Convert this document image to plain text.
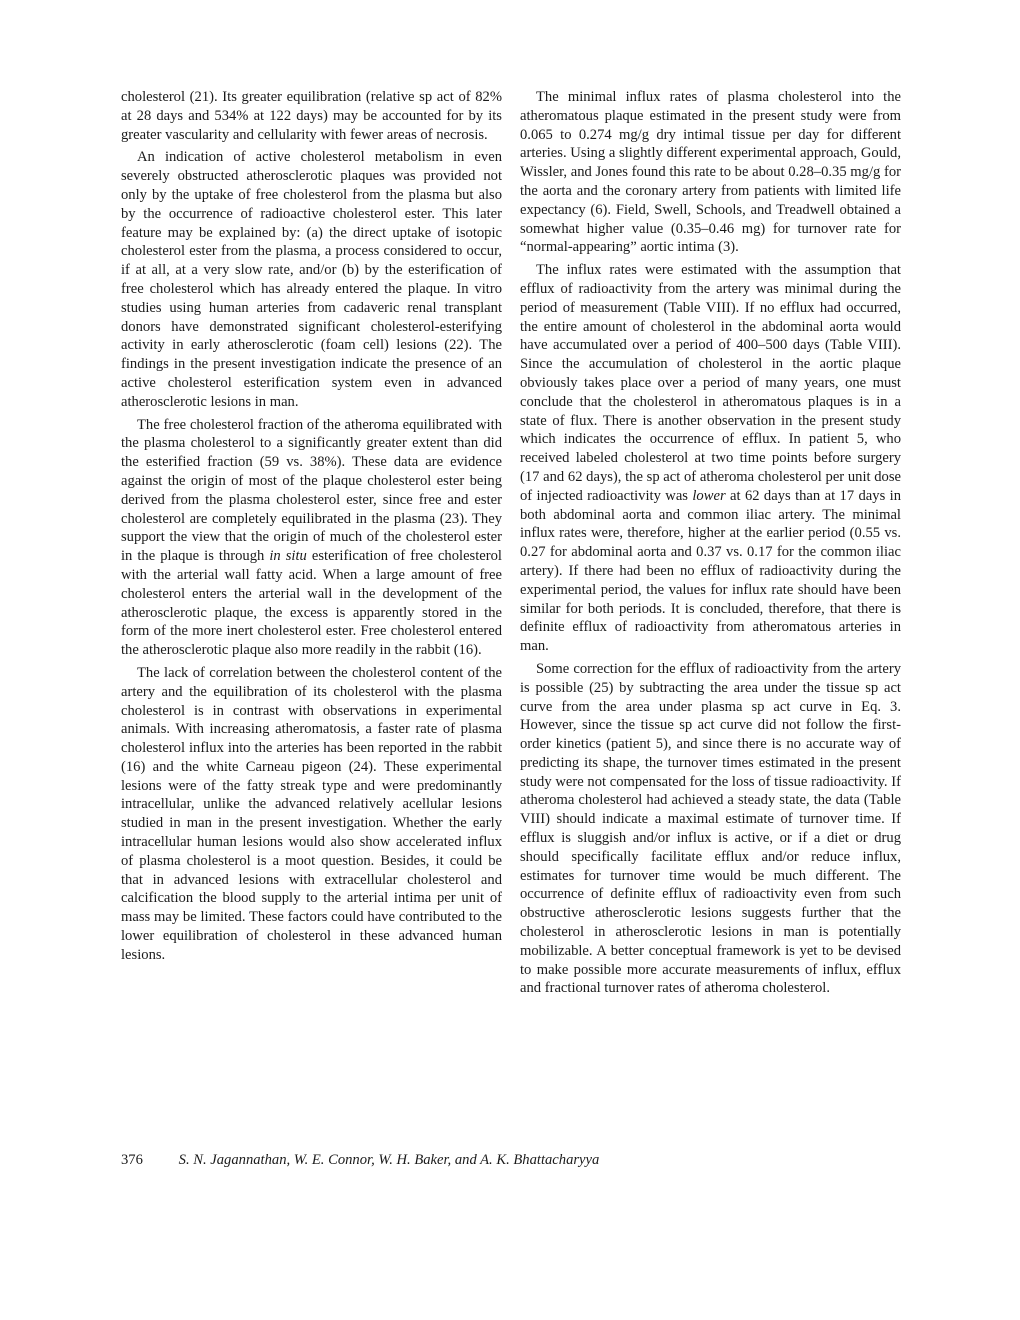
cholesterol (21). Its greater equilibration (relative sp act of 82% at 28 days and 534% at 122 days) may be accounted for by its greater vascularity and cellularity with fewer areas of necrosis.

An indication of active cholesterol metabolism in even severely obstructed atherosclerotic plaques was provided not only by the uptake of free cholesterol from the plasma but also by the occurrence of radioactive cholesterol ester. This later feature may be explained by: (a) the direct uptake of isotopic cholesterol ester from the plasma, a process considered to occur, if at all, at a very slow rate, and/or (b) by the esterification of free cholesterol which has already entered the plaque. In vitro studies using human arteries from cadaveric renal transplant donors have demonstrated significant cholesterol-esterifying activity in early atherosclerotic (foam cell) lesions (22). The findings in the present investigation indicate the presence of an active cholesterol esterification system even in advanced atherosclerotic lesions in man.

The free cholesterol fraction of the atheroma equilibrated with the plasma cholesterol to a significantly greater extent than did the esterified fraction (59 vs. 38%). These data are evidence against the origin of most of the plaque cholesterol ester being derived from the plasma cholesterol ester, since free and ester cholesterol are completely equilibrated in the plasma (23). They support the view that the origin of much of the cholesterol ester in the plaque is through in situ esterification of free cholesterol with the arterial wall fatty acid. When a large amount of free cholesterol enters the arterial wall in the development of the atherosclerotic plaque, the excess is apparently stored in the form of the more inert cholesterol ester. Free cholesterol entered the atherosclerotic plaque also more readily in the rabbit (16).

The lack of correlation between the cholesterol content of the artery and the equilibration of its cholesterol with the plasma cholesterol is in contrast with observations in experimental animals. With increasing atheromatosis, a faster rate of plasma cholesterol influx into the arteries has been reported in the rabbit (16) and the white Carneau pigeon (24). These experimental lesions were of the fatty streak type and were predominantly intracellular, unlike the advanced relatively acellular lesions studied in man in the present investigation. Whether the early intracellular human lesions would also show accelerated influx of plasma cholesterol is a moot question. Besides, it could be that in advanced lesions with extracellular cholesterol and calcification the blood supply to the arterial intima per unit of mass may be limited. These factors could have contributed to the lower equilibration of cholesterol in these advanced human lesions.

The minimal influx rates of plasma cholesterol into the atheromatous plaque estimated in the present study were from 0.065 to 0.274 mg/g dry intimal tissue per day for different arteries. Using a slightly different experimental approach, Gould, Wissler, and Jones found this rate to be about 0.28–0.35 mg/g for the aorta and the coronary artery from patients with limited life expectancy (6). Field, Swell, Schools, and Treadwell obtained a somewhat higher value (0.35–0.46 mg) for turnover rate for “normal-appearing” aortic intima (3).

The influx rates were estimated with the assumption that efflux of radioactivity from the artery was minimal during the period of measurement (Table VIII). If no efflux had occurred, the entire amount of cholesterol in the abdominal aorta would have accumulated over a period of 400–500 days (Table VIII). Since the accumulation of cholesterol in the aortic plaque obviously takes place over a period of many years, one must conclude that the cholesterol in atheromatous plaques is in a state of flux. There is another observation in the present study which indicates the occurrence of efflux. In patient 5, who received labeled cholesterol at two time points before surgery (17 and 62 days), the sp act of atheroma cholesterol per unit dose of injected radioactivity was lower at 62 days than at 17 days in both abdominal aorta and common iliac artery. The minimal influx rates were, therefore, higher at the earlier period (0.55 vs. 0.27 for abdominal aorta and 0.37 vs. 0.17 for the common iliac artery). If there had been no efflux of radioactivity during the experimental period, the values for influx rate should have been similar for both periods. It is concluded, therefore, that there is definite efflux of radioactivity from atheromatous arteries in man.

Some correction for the efflux of radioactivity from the artery is possible (25) by subtracting the area under the tissue sp act curve from the area under plasma sp act curve in Eq. 3. However, since the tissue sp act curve did not follow the first-order kinetics (patient 5), and since there is no accurate way of predicting its shape, the turnover times estimated in the present study were not compensated for the loss of tissue radioactivity. If atheroma cholesterol had achieved a steady state, the data (Table VIII) should indicate a maximal estimate of turnover time. If efflux is sluggish and/or influx is active, or if a diet or drug should specifically facilitate efflux and/or reduce influx, estimates for turnover time would be much different. The occurrence of definite efflux of radioactivity even from such obstructive atherosclerotic lesions suggests further that the cholesterol in atherosclerotic lesions in man is potentially mobilizable. A better conceptual framework is yet to be devised to make possible more accurate measurements of influx, efflux and fractional turnover rates of atheroma cholesterol.

376 S. N. Jagannathan, W. E. Connor, W. H. Baker, and A. K. Bhattacharyya
